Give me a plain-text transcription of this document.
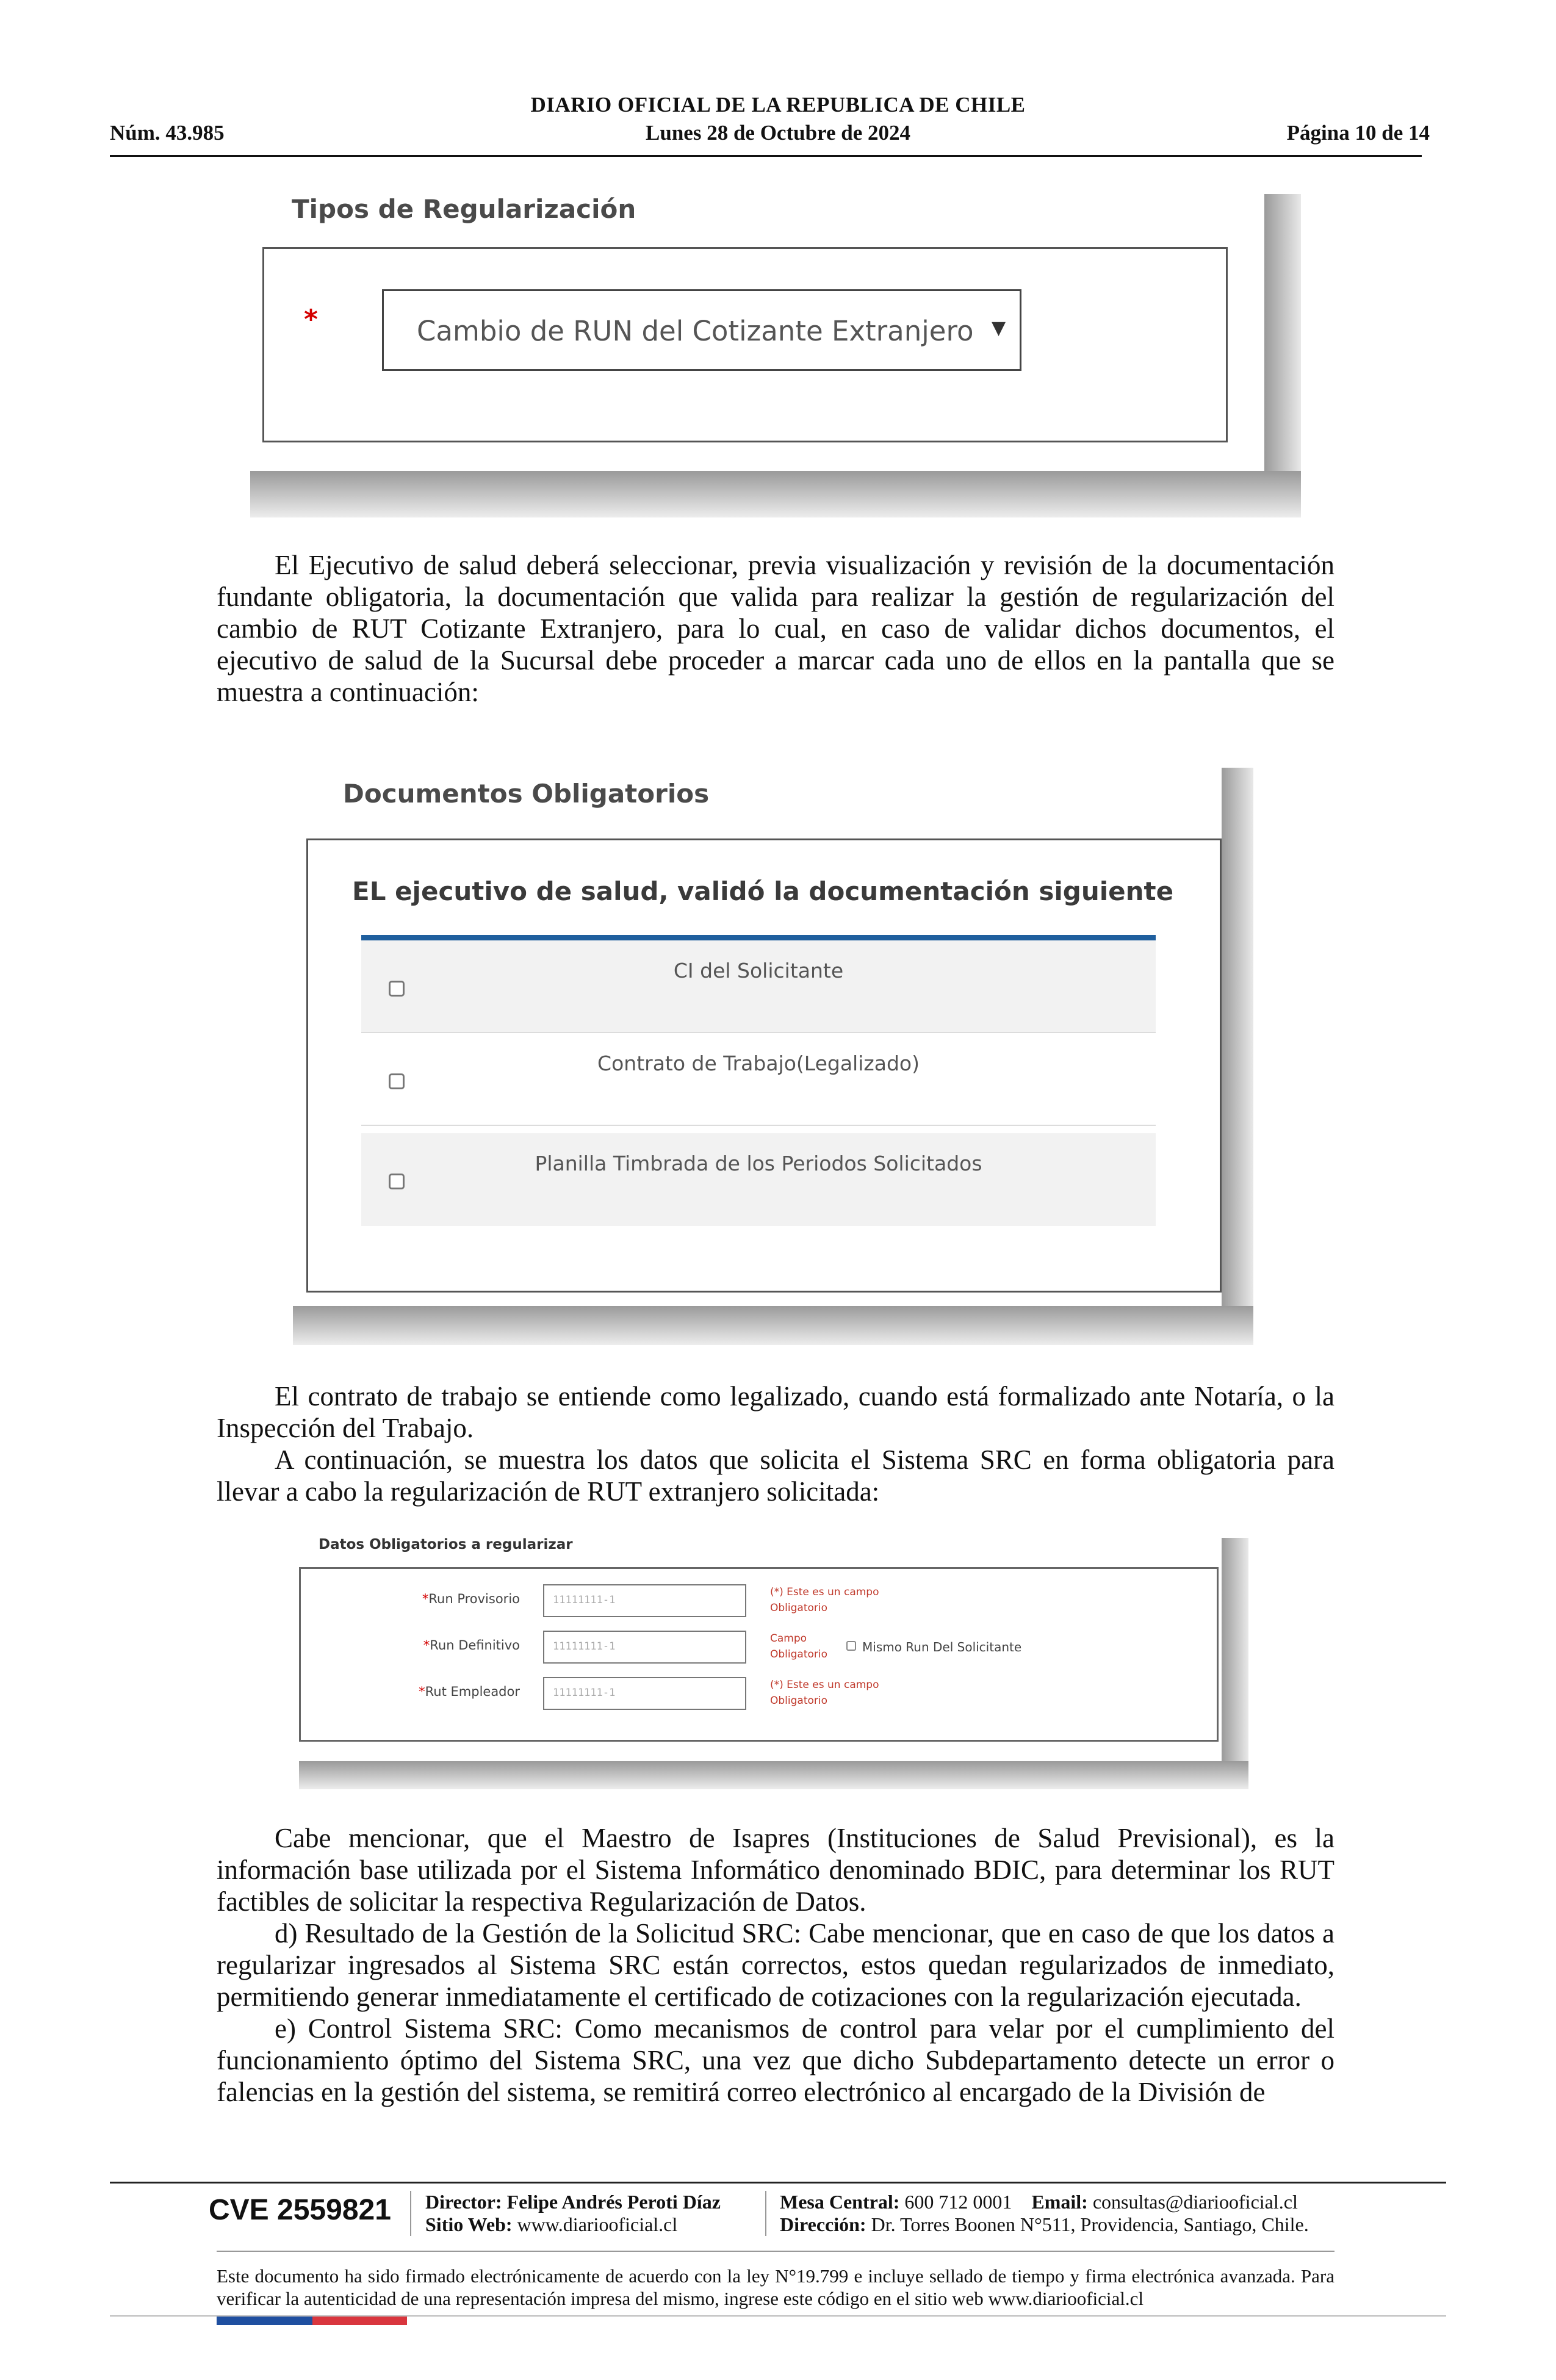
DIARIO OFICIAL DE LA REPUBLICA DE CHILE
Núm. 43.985	Lunes 28 de Octubre de 2024	Página 10 de 14
Tipos de Regularización
*	Cambio de RUN del Cotizante Extranjero ▼

El Ejecutivo de salud deberá seleccionar, previa visualización y revisión de la documentación fundante obligatoria, la documentación que valida para realizar la gestión de regularización del cambio de RUT Cotizante Extranjero, para lo cual, en caso de validar dichos documentos, el ejecutivo de salud de la Sucursal debe proceder a marcar cada uno de ellos en la pantalla que se muestra a continuación:

Documentos Obligatorios
EL ejecutivo de salud, validó la documentación siguiente
CI del Solicitante
Contrato de Trabajo(Legalizado)
Planilla Timbrada de los Periodos Solicitados

El contrato de trabajo se entiende como legalizado, cuando está formalizado ante Notaría, o la Inspección del Trabajo.

A continuación, se muestra los datos que solicita el Sistema SRC en forma obligatoria para llevar a cabo la regularización de RUT extranjero solicitada:

Datos Obligatorios a regularizar
*Run Provisorio	11111111-1
(*) Este es un campo
Obligatorio
*Run Definitivo	11111111-1
Campo
Obligatorio	Mismo Run Del Solicitante
*Rut Empleador	11111111-1
(*) Este es un campo
Obligatorio

Cabe mencionar, que el Maestro de Isapres (Instituciones de Salud Previsional), es la información base utilizada por el Sistema Informático denominado BDIC, para determinar los RUT factibles de solicitar la respectiva Regularización de Datos.

d) Resultado de la Gestión de la Solicitud SRC: Cabe mencionar, que en caso de que los datos a regularizar ingresados al Sistema SRC están correctos, estos quedan regularizados de inmediato, permitiendo generar inmediatamente el certificado de cotizaciones con la regularización ejecutada.

e) Control Sistema SRC: Como mecanismos de control para velar por el cumplimiento del funcionamiento óptimo del Sistema SRC, una vez que dicho Subdepartamento detecte un error o falencias en la gestión del sistema, se remitirá correo electrónico al encargado de la División de

CVE 2559821 Director: Felipe Andrés Peroti Díaz
Sitio Web: www.diariooficial.cl
Mesa Central: 600 712 0001 Email: consultas@diariooficial.cl
Dirección: Dr. Torres Boonen N°511, Providencia, Santiago, Chile.
Este documento ha sido firmado electrónicamente de acuerdo con la ley N°19.799 e incluye sellado de tiempo y firma electrónica avanzada. Para verificar la autenticidad de una representación impresa del mismo, ingrese este código en el sitio web www.diariooficial.cl
